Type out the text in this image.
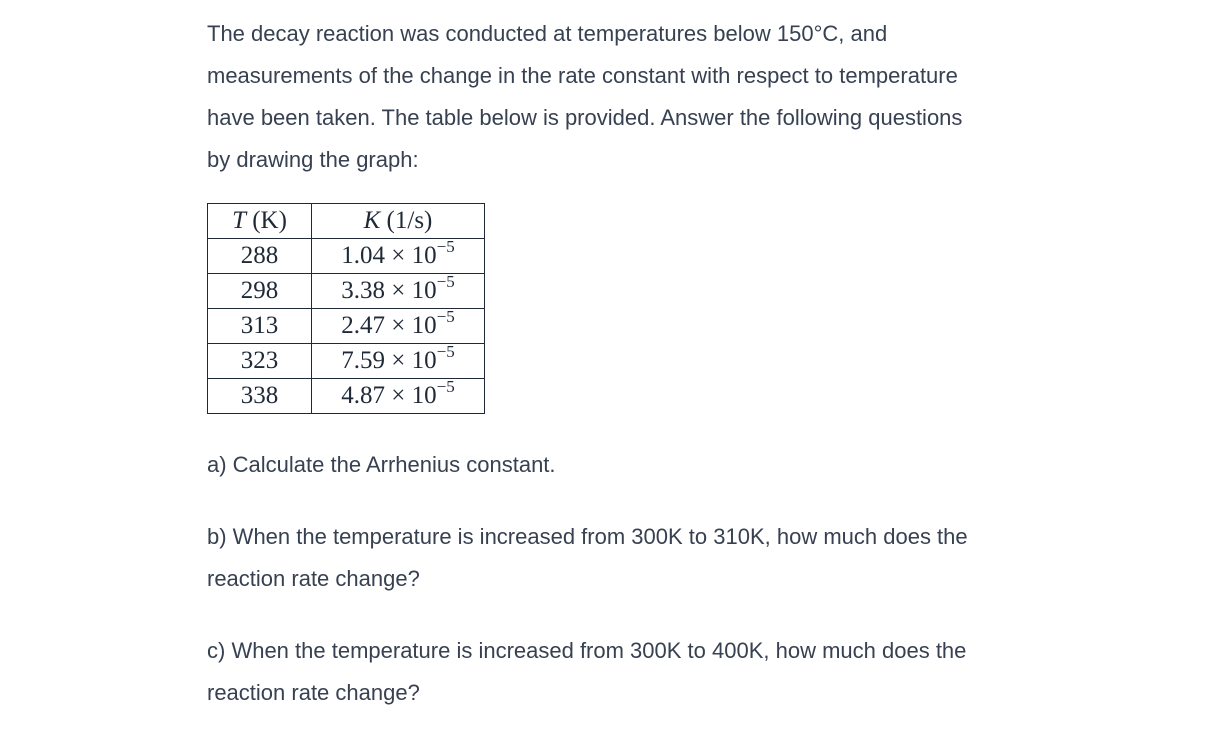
The decay reaction was conducted at temperatures below 150°C, and measurements of the change in the rate constant with respect to temperature have been taken. The table below is provided. Answer the following questions by drawing the graph:

T (K)	K (1/s)
288	$1.04 \times 10^{-5}$
298	$3.38 \times 10^{-5}$
313	$2.47 \times 10^{-5}$
323	$7.59 \times 10^{-5}$
338	$4.87 \times 10^{-5}$

a) Calculate the Arrhenius constant.

b) When the temperature is increased from 300K to 310K, how much does the reaction rate change?

c) When the temperature is increased from 300K to 400K, how much does the reaction rate change?
